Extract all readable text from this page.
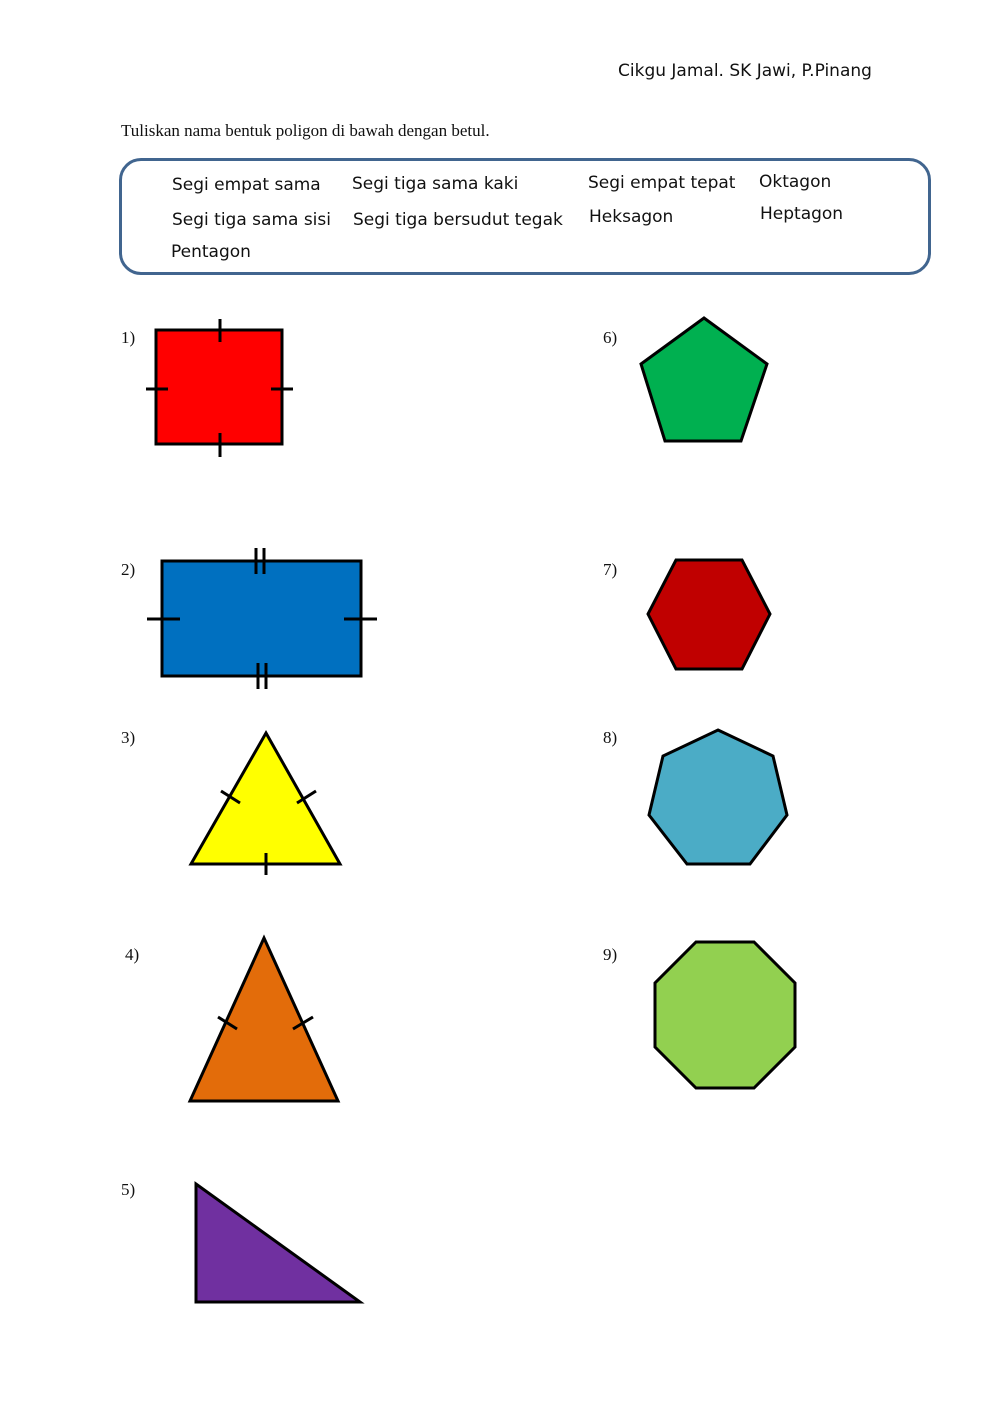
Cikgu Jamal. SK Jawi, P.Pinang
Tuliskan nama bentuk poligon di bawah dengan betul.
Segi empat sama Segi tiga sama kaki	Segi empat tepat Oktagon
Segi tiga sama sisi Segi tiga bersudut tegak Heksagon	Heptagon
Pentagon
1)
2)
3)
4)
5)
6)
7)
8)
9)
